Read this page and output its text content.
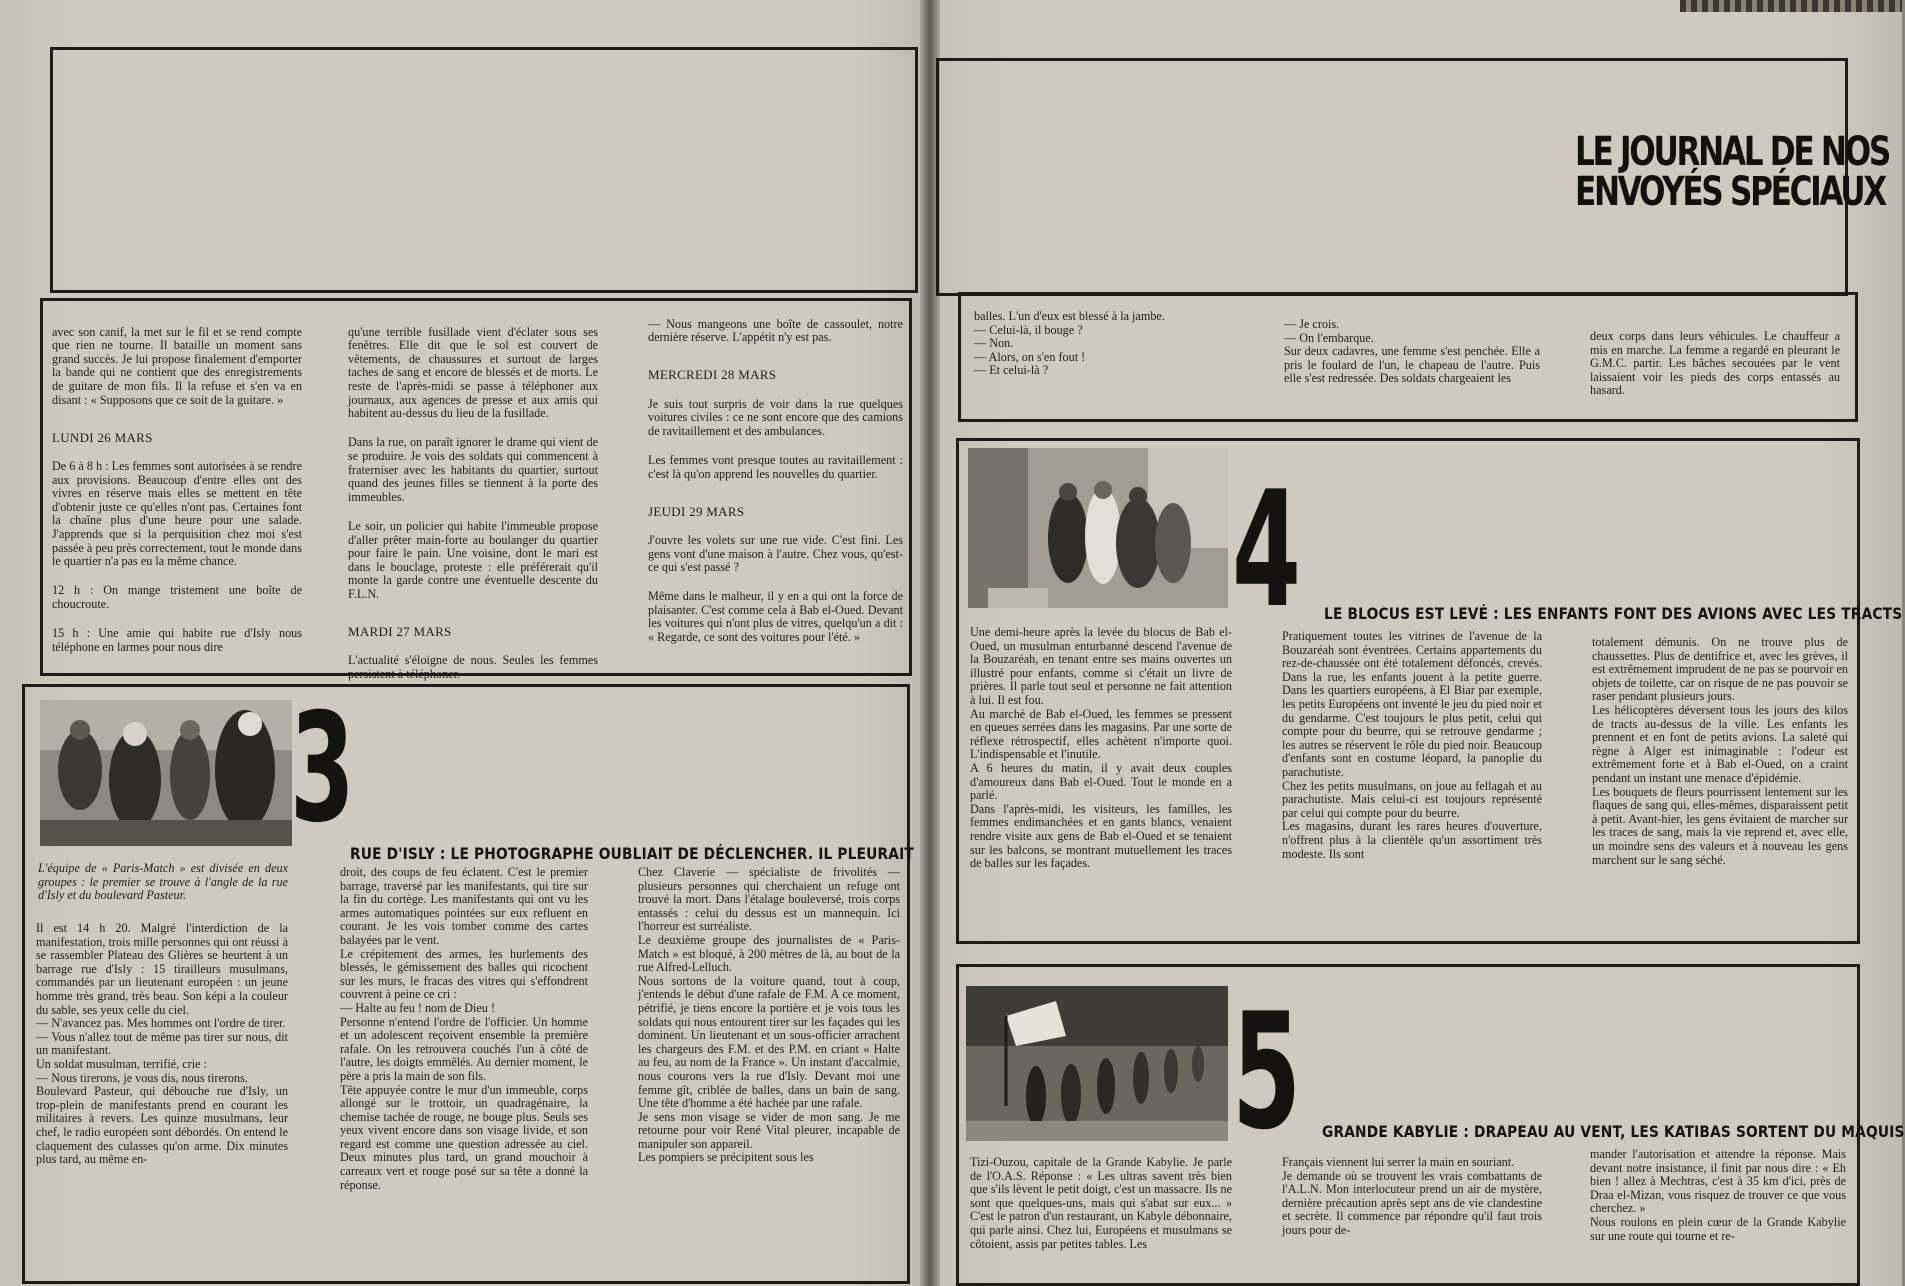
LE JOURNAL DE NOS
ENVOYÉS SPÉCIAUX

avec son canif, la met sur le fil et se rend compte que rien ne tourne. Il bataille un moment sans grand succès. Je lui propose finalement d'emporter la bande qui ne contient que des enregistrements de guitare de mon fils. Il la refuse et s'en va en disant : « Supposons que ce soit de la guitare. »

LUNDI 26 MARS

De 6 à 8 h : Les femmes sont autorisées à se rendre aux provisions. Beaucoup d'entre elles ont des vivres en réserve mais elles se mettent en tête d'obtenir juste ce qu'elles n'ont pas. Certaines font la chaîne plus d'une heure pour une salade. J'apprends que si la perquisition chez moi s'est passée à peu près correctement, tout le monde dans le quartier n'a pas eu la même chance.

12 h : On mange tristement une boîte de choucroute.

15 h : Une amie qui habite rue d'Isly nous téléphone en larmes pour nous dire

qu'une terrible fusillade vient d'éclater sous ses fenêtres. Elle dit que le sol est couvert de vêtements, de chaussures et surtout de larges taches de sang et encore de blessés et de morts. Le reste de l'après-midi se passe à téléphoner aux journaux, aux agences de presse et aux amis qui habitent au-dessus du lieu de la fusillade.

Dans la rue, on paraît ignorer le drame qui vient de se produire. Je vois des soldats qui commencent à fraterniser avec les habitants du quartier, surtout quand des jeunes filles se tiennent à la porte des immeubles.

Le soir, un policier qui habite l'immeuble propose d'aller prêter main-forte au boulanger du quartier pour faire le pain. Une voisine, dont le mari est dans le bouclage, proteste : elle préférerait qu'il monte la garde contre une éventuelle descente du F.L.N.

MARDI 27 MARS

L'actualité s'éloigne de nous. Seules les femmes persistent à téléphoner.

— Nous mangeons une boîte de cassoulet, notre dernière réserve. L'appétit n'y est pas.

MERCREDI 28 MARS

Je suis tout surpris de voir dans la rue quelques voitures civiles : ce ne sont encore que des camions de ravitaillement et des ambulances.

Les femmes vont presque toutes au ravitaillement : c'est là qu'on apprend les nouvelles du quartier.

JEUDI 29 MARS

J'ouvre les volets sur une rue vide. C'est fini. Les gens vont d'une maison à l'autre. Chez vous, qu'est-ce qui s'est passé ?

Même dans le malheur, il y en a qui ont la force de plaisanter. C'est comme cela à Bab el-Oued. Devant les voitures qui n'ont plus de vitres, quelqu'un a dit : « Regarde, ce sont des voitures pour l'été. »

3
RUE D'ISLY : LE PHOTOGRAPHE OUBLIAIT DE DÉCLENCHER. IL PLEURAIT
L'équipe de « Paris-Match » est divisée en deux groupes : le premier se trouve à l'angle de la rue d'Isly et du boulevard Pasteur.
Il est 14 h 20. Malgré l'interdiction de la manifestation, trois mille personnes qui ont réussi à se rassembler Plateau des Glières se heurtent à un barrage rue d'Isly : 15 tirailleurs musulmans, commandés par un lieutenant européen : un jeune homme très grand, très beau. Son képi a la couleur du sable, ses yeux celle du ciel.
— N'avancez pas. Mes hommes ont l'ordre de tirer.
— Vous n'allez tout de même pas tirer sur nous, dit un manifestant.
Un soldat musulman, terrifié, crie :
— Nous tirerons, je vous dis, nous tirerons.
Boulevard Pasteur, qui débouche rue d'Isly, un trop-plein de manifestants prend en courant les militaires à revers. Les quinze musulmans, leur chef, le radio européen sont débordés. On entend le claquement des culasses qu'on arme. Dix minutes plus tard, au même en-
droit, des coups de feu éclatent. C'est le premier barrage, traversé par les manifestants, qui tire sur la fin du cortège. Les manifestants qui ont vu les armes automatiques pointées sur eux refluent en courant. Je les vois tomber comme des cartes balayées par le vent.
Le crépitement des armes, les hurlements des blessés, le gémissement des balles qui ricochent sur les murs, le fracas des vitres qui s'effondrent couvrent à peine ce cri :
— Halte au feu ! nom de Dieu !
Personne n'entend l'ordre de l'officier. Un homme et un adolescent reçoivent ensemble la première rafale. On les retrouvera couchés l'un à côté de l'autre, les doigts emmêlés. Au dernier moment, le père a pris la main de son fils.
Tête appuyée contre le mur d'un immeuble, corps allongé sur le trottoir, un quadragénaire, la chemise tachée de rouge, ne bouge plus. Seuls ses yeux vivent encore dans son visage livide, et son regard est comme une question adressée au ciel. Deux minutes plus tard, un grand mouchoir à carreaux vert et rouge posé sur sa tête a donné la réponse.
Chez Claverie — spécialiste de frivolités — plusieurs personnes qui cherchaient un refuge ont trouvé la mort. Dans l'étalage bouleversé, trois corps entassés : celui du dessus est un mannequin. Ici l'horreur est surréaliste.
Le deuxième groupe des journalistes de « Paris-Match » est bloqué, à 200 mètres de là, au bout de la rue Alfred-Lelluch.
Nous sortons de la voiture quand, tout à coup, j'entends le début d'une rafale de F.M. A ce moment, pétrifié, je tiens encore la portière et je vois tous les soldats qui nous entourent tirer sur les façades qui les dominent. Un lieutenant et un sous-officier arrachent les chargeurs des F.M. et des P.M. en criant « Halte au feu, au nom de la France ». Un instant d'accalmie, nous courons vers la rue d'Isly. Devant moi une femme gît, criblée de balles, dans un bain de sang. Une tête d'homme a été hachée par une rafale.
Je sens mon visage se vider de mon sang. Je me retourne pour voir René Vital pleurer, incapable de manipuler son appareil.
Les pompiers se précipitent sous les
balles. L'un d'eux est blessé à la jambe.
— Celui-là, il bouge ?
— Non.
— Alors, on s'en fout !
— Et celui-là ?
— Je crois.
— On l'embarque.
Sur deux cadavres, une femme s'est penchée. Elle a pris le foulard de l'un, le chapeau de l'autre. Puis elle s'est redressée. Des soldats chargeaient les
deux corps dans leurs véhicules. Le chauffeur a mis en marche. La femme a regardé en pleurant le G.M.C. partir. Les bâches secouées par le vent laissaient voir les pieds des corps entassés au hasard.
4 LE BLOCUS EST LEVÉ : LES ENFANTS FONT DES AVIONS AVEC LES TRACTS
Une demi-heure après la levée du blocus de Bab el-Oued, un musulman enturbanné descend l'avenue de la Bouzaréah, en tenant entre ses mains ouvertes un illustré pour enfants, comme si c'était un livre de prières. Il parle tout seul et personne ne fait attention à lui. Il est fou.
Au marché de Bab el-Oued, les femmes se pressent en queues serrées dans les magasins. Par une sorte de réflexe rétrospectif, elles achètent n'importe quoi. L'indispensable et l'inutile.
A 6 heures du matin, il y avait deux couples d'amoureux dans Bab el-Oued. Tout le monde en a parlé.
Dans l'après-midi, les visiteurs, les familles, les femmes endimanchées et en gants blancs, venaient rendre visite aux gens de Bab el-Oued et se tenaient sur les balcons, se montrant mutuellement les traces de balles sur les façades.
Pratiquement toutes les vitrines de l'avenue de la Bouzaréah sont éventrées. Certains appartements du rez-de-chaussée ont été totalement défoncés, crevés. Dans la rue, les enfants jouent à la petite guerre. Dans les quartiers européens, à El Biar par exemple, les petits Européens ont inventé le jeu du pied noir et du gendarme. C'est toujours le plus petit, celui qui compte pour du beurre, qui se retrouve gendarme ; les autres se réservent le rôle du pied noir. Beaucoup d'enfants sont en costume léopard, la panoplie du parachutiste.
Chez les petits musulmans, on joue au fellagah et au parachutiste. Mais celui-ci est toujours représenté par celui qui compte pour du beurre.
Les magasins, durant les rares heures d'ouverture, n'offrent plus à la clientèle qu'un assortiment très modeste. Ils sont
totalement démunis. On ne trouve plus de chaussettes. Plus de dentifrice et, avec les grèves, il est extrêmement imprudent de ne pas se pourvoir en objets de toilette, car on risque de ne pas pouvoir se raser pendant plusieurs jours.
Les hélicoptères déversent tous les jours des kilos de tracts au-dessus de la ville. Les enfants les prennent et en font de petits avions. La saleté qui règne à Alger est inimaginable : l'odeur est extrêmement forte et à Bab el-Oued, on a craint pendant un instant une menace d'épidémie.
Les bouquets de fleurs pourrissent lentement sur les flaques de sang qui, elles-mêmes, disparaissent petit à petit. Avant-hier, les gens évitaient de marcher sur les traces de sang, mais la vie reprend et, avec elle, un moindre sens des valeurs et à nouveau les gens marchent sur le sang séché.
5 GRANDE KABYLIE : DRAPEAU AU VENT, LES KATIBAS SORTENT DU MAQUIS
Tizi-Ouzou, capitale de la Grande Kabylie. Je parle de l'O.A.S. Réponse : « Les ultras savent très bien que s'ils lèvent le petit doigt, c'est un massacre. Ils ne sont que quelques-uns, mais qui s'abat sur eux... » C'est le patron d'un restaurant, un Kabyle débonnaire, qui parle ainsi. Chez lui, Européens et musulmans se côtoient, assis par petites tables. Les
Français viennent lui serrer la main en souriant.
Je demande où se trouvent les vrais combattants de l'A.L.N. Mon interlocuteur prend un air de mystère, dernière précaution après sept ans de vie clandestine et secrète. Il commence par répondre qu'il faut trois jours pour de-
mander l'autorisation et attendre la réponse. Mais devant notre insistance, il finit par nous dire : « Eh bien ! allez à Mechtras, c'est à 35 km d'ici, près de Draa el-Mizan, vous risquez de trouver ce que vous cherchez. »
Nous roulons en plein cœur de la Grande Kabylie sur une route qui tourne et re-
